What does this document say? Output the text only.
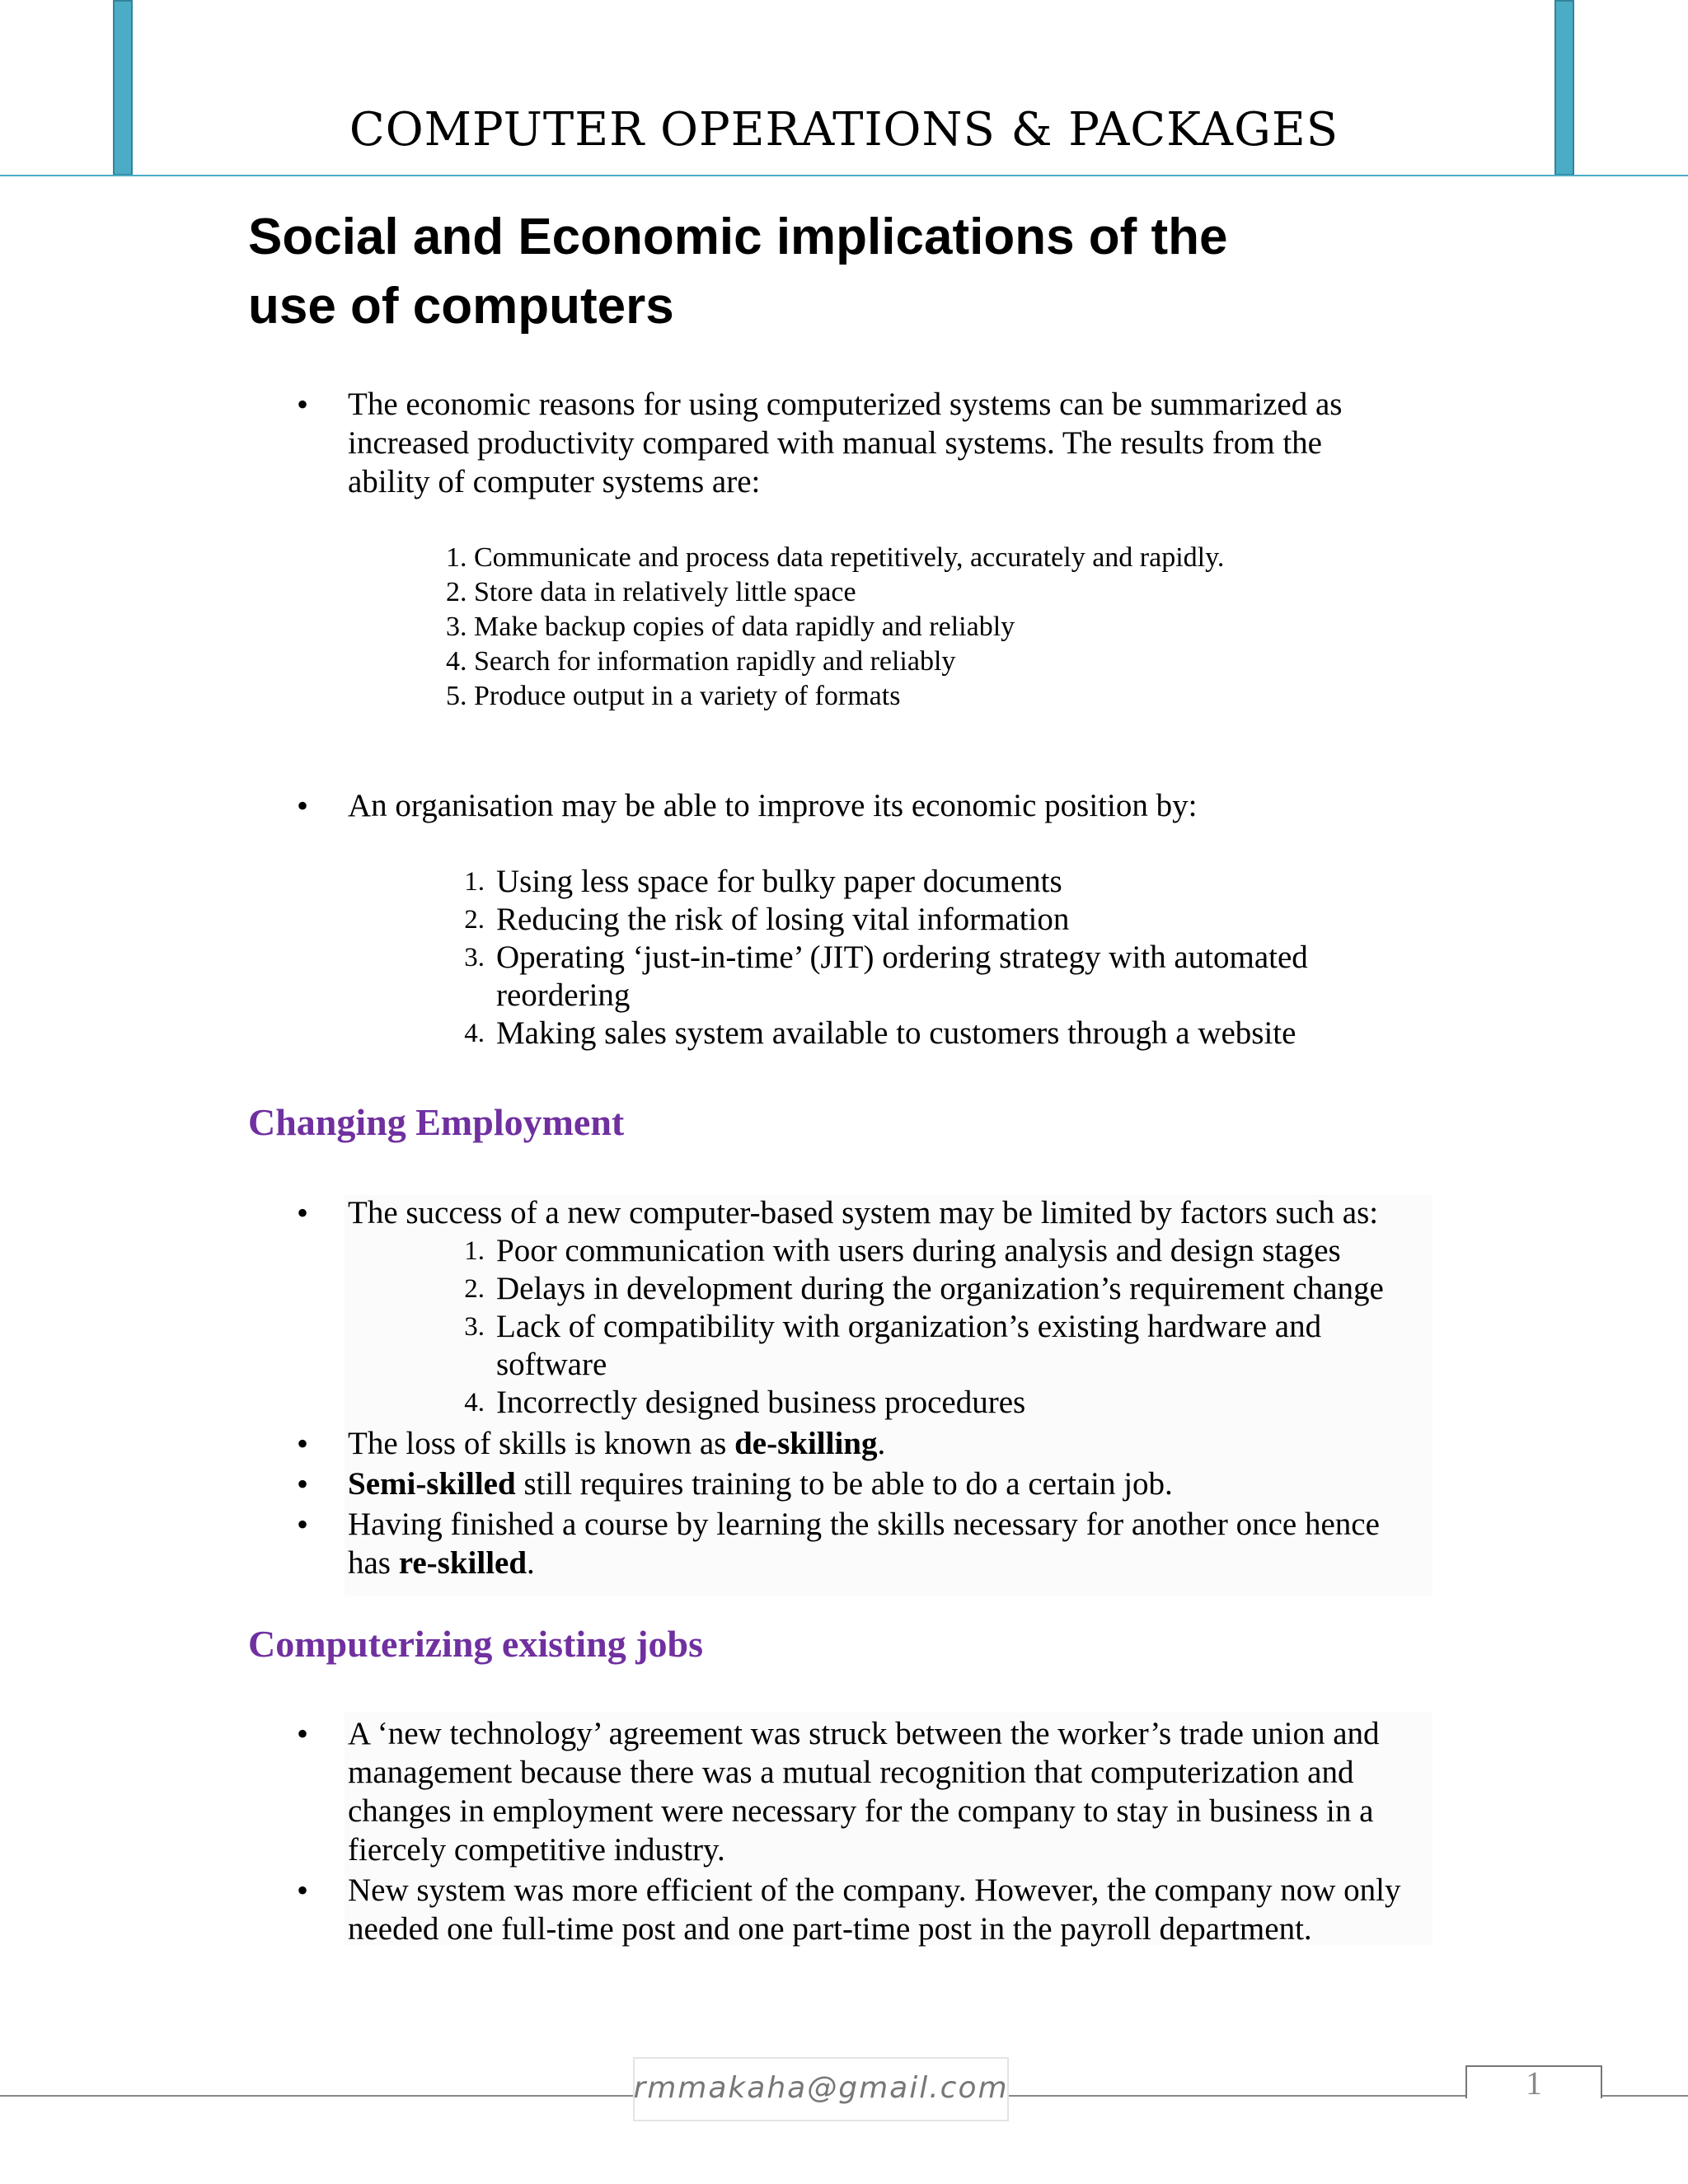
COMPUTER OPERATIONS & PACKAGES
Social and Economic implications of the
use of computers

• The economic reasons for using computerized systems can be summarized as

increased productivity compared with manual systems. The results from the

ability of computer systems are:

1. Communicate and process data repetitively, accurately and rapidly.

2. Store data in relatively little space

3. Make backup copies of data rapidly and reliably

4. Search for information rapidly and reliably

5. Produce output in a variety of formats

• An organisation may be able to improve its economic position by:

1. Using less space for bulky paper documents

2. Reducing the risk of losing vital information

3. Operating ‘just-in-time’ (JIT) ordering strategy with automated

reordering

4. Making sales system available to customers through a website

Changing Employment

• The success of a new computer-based system may be limited by factors such as:

1. Poor communication with users during analysis and design stages

2. Delays in development during the organization’s requirement change

3. Lack of compatibility with organization’s existing hardware and

software

4. Incorrectly designed business procedures

• The loss of skills is known as de-skilling.

• Semi-skilled still requires training to be able to do a certain job.

• Having finished a course by learning the skills necessary for another once hence

has re-skilled.

Computerizing existing jobs

• A ‘new technology’ agreement was struck between the worker’s trade union and

management because there was a mutual recognition that computerization and

changes in employment were necessary for the company to stay in business in a

fiercely competitive industry.

• New system was more efficient of the company. However, the company now only

needed one full-time post and one part-time post in the payroll department.

rmmakaha@gmail.com	1
